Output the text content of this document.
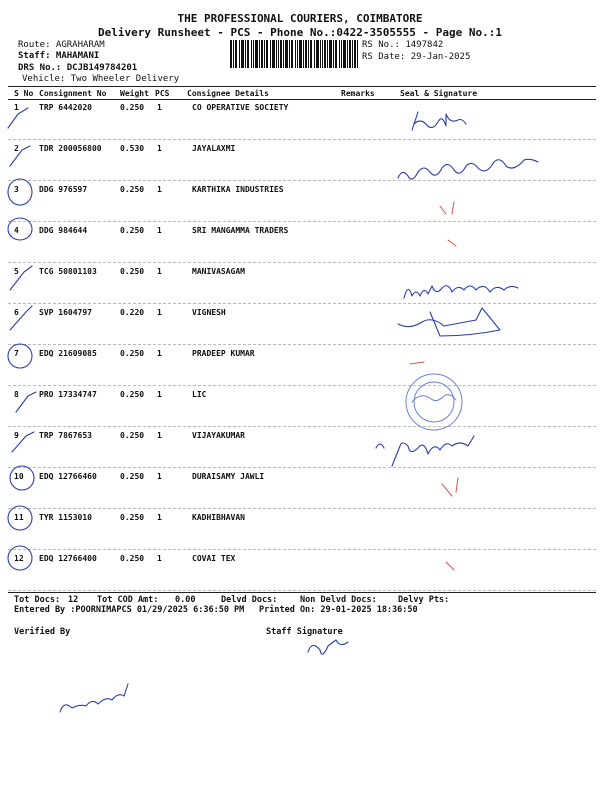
THE PROFESSIONAL COURIERS, COIMBATORE
Delivery Runsheet - PCS - Phone No.:0422-3505555 - Page No.:1
Route: AGRAHARAM
Staff: MAHAMANI
DRS No.: DCJB149784201
Vehicle: Two Wheeler Delivery
RS No.: 1497842
RS Date: 29-Jan-2025
S No Consignment No Weight PCS Consignee Details	Remarks	Seal & Signature
1	TRP 6442020	0.250 1	CO OPERATIVE SOCIETY
2	TDR 200056800 0.530 1	JAYALAXMI
3	DDG 976597	0.250 1	KARTHIKA INDUSTRIES
4	DDG 984644	0.250 1	SRI MANGAMMA TRADERS
5	TCG 50801103	0.250 1	MANIVASAGAM
6	SVP 1604797	0.220 1	VIGNESH
7	EDQ 21609085	0.250 1	PRADEEP KUMAR
8	PRO 17334747	0.250 1	LIC
9	TRP 7867653	0.250 1	VIJAYAKUMAR
10 EDQ 12766460	0.250 1	DURAISAMY JAWLI
11 TYR 1153010	0.250 1	KADHIBHAVAN
12 EDQ 12766400	0.250 1	COVAI TEX
Tot Docs: 12 Tot COD Amt: 0.00	Delvd Docs:	Non Delvd Docs: Delvy Pts:
Entered By :POORNIMAPCS 01/29/2025 6:36:50 PM Printed On: 29-01-2025 18:36:50
Verified By	Staff Signature
